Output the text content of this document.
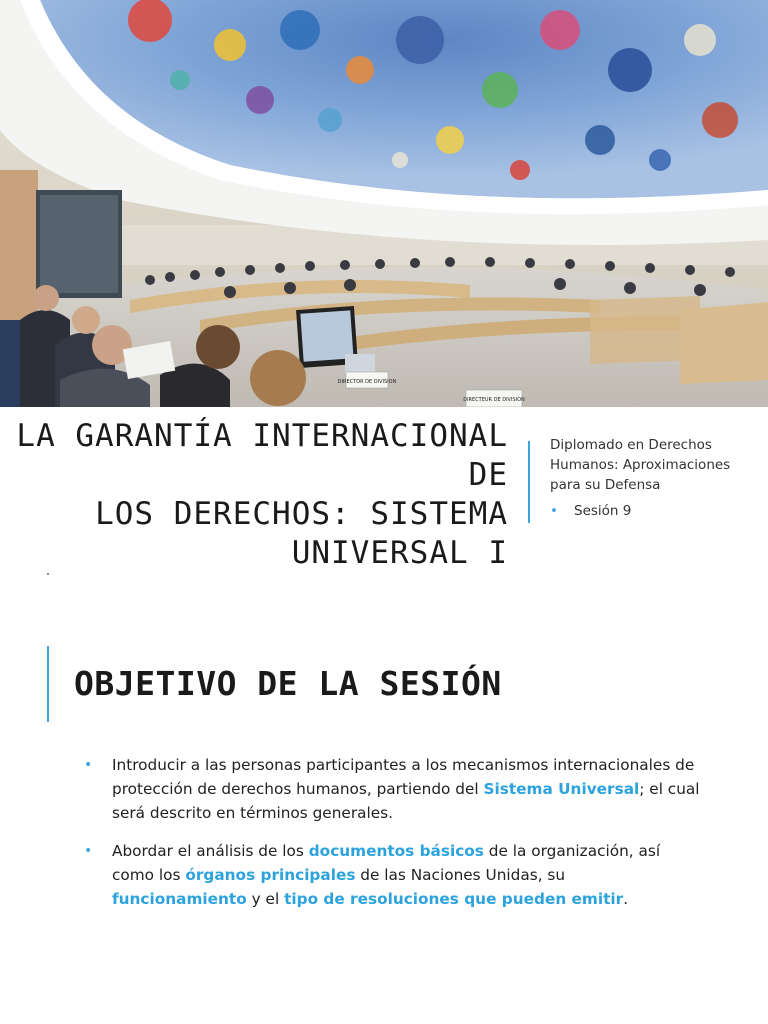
DIRECTOR DE DIVISION
DIRECTEUR DE DIVISION
LA GARANTÍA INTERNACIONAL DE
LOS DERECHOS: SISTEMA
UNIVERSAL I
Diplomado en Derechos
Humanos: Aproximaciones
para su Defensa
• Sesión 9
OBJETIVO DE LA SESIÓN
• Introducir a las personas participantes a los mecanismos internacionales de protección de derechos humanos, partiendo del Sistema Universal; el cual será descrito en términos generales.
• Abordar el análisis de los documentos básicos de la organización, así como los órganos principales de las Naciones Unidas, su funcionamiento y el tipo de resoluciones que pueden emitir.
